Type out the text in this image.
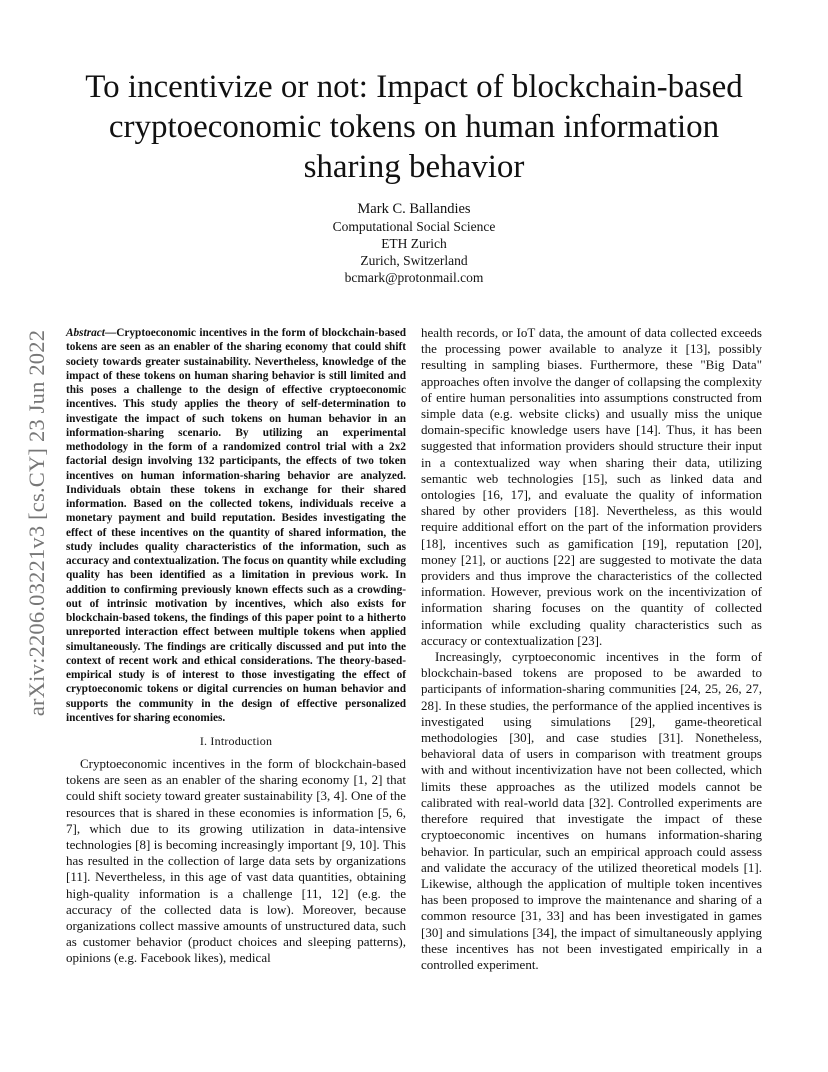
arXiv:2206.03221v3 [cs.CY] 23 Jun 2022
To incentivize or not: Impact of blockchain-based cryptoeconomic tokens on human information sharing behavior
Mark C. Ballandies
Computational Social Science
ETH Zurich
Zurich, Switzerland
bcmark@protonmail.com

Abstract—Cryptoeconomic incentives in the form of blockchain-based tokens are seen as an enabler of the sharing economy that could shift society towards greater sustainability. Nevertheless, knowledge of the impact of these tokens on human sharing behavior is still limited and this poses a challenge to the design of effective cryptoeconomic incentives. This study applies the theory of self-determination to investigate the impact of such tokens on human behavior in an information-sharing scenario. By utilizing an experimental methodology in the form of a randomized control trial with a 2x2 factorial design involving 132 participants, the effects of two token incentives on human information-sharing behavior are analyzed. Individuals obtain these tokens in exchange for their shared information. Based on the collected tokens, individuals receive a monetary payment and build reputation. Besides investigating the effect of these incentives on the quantity of shared information, the study includes quality characteristics of the information, such as accuracy and contextualization. The focus on quantity while excluding quality has been identified as a limitation in previous work. In addition to confirming previously known effects such as a crowding-out of intrinsic motivation by incentives, which also exists for blockchain-based tokens, the findings of this paper point to a hitherto unreported interaction effect between multiple tokens when applied simultaneously. The findings are critically discussed and put into the context of recent work and ethical considerations. The theory-based-empirical study is of interest to those investigating the effect of cryptoeconomic tokens or digital currencies on human behavior and supports the community in the design of effective personalized incentives for sharing economies.

I. Introduction

Cryptoeconomic incentives in the form of blockchain-based tokens are seen as an enabler of the sharing economy [1, 2] that could shift society toward greater sustainability [3, 4]. One of the resources that is shared in these economies is information [5, 6, 7], which due to its growing utilization in data-intensive technologies [8] is becoming increasingly important [9, 10]. This has resulted in the collection of large data sets by organizations [11]. Nevertheless, in this age of vast data quantities, obtaining high-quality information is a challenge [11, 12] (e.g. the accuracy of the collected data is low). Moreover, because organizations collect massive amounts of unstructured data, such as customer behavior (product choices and sleeping patterns), opinions (e.g. Facebook likes), medical

health records, or IoT data, the amount of data collected exceeds the processing power available to analyze it [13], possibly resulting in sampling biases. Furthermore, these "Big Data" approaches often involve the danger of collapsing the complexity of entire human personalities into assumptions constructed from simple data (e.g. website clicks) and usually miss the unique domain-specific knowledge users have [14]. Thus, it has been suggested that information providers should structure their input in a contextualized way when sharing their data, utilizing semantic web technologies [15], such as linked data and ontologies [16, 17], and evaluate the quality of information shared by other providers [18]. Nevertheless, as this would require additional effort on the part of the information providers [18], incentives such as gamification [19], reputation [20], money [21], or auctions [22] are suggested to motivate the data providers and thus improve the characteristics of the collected information. However, previous work on the incentivization of information sharing focuses on the quantity of collected information while excluding quality characteristics such as accuracy or contextualization [23].

Increasingly, cyrptoeconomic incentives in the form of blockchain-based tokens are proposed to be awarded to participants of information-sharing communities [24, 25, 26, 27, 28]. In these studies, the performance of the applied incentives is investigated using simulations [29], game-theoretical methodologies [30], and case studies [31]. Nonetheless, behavioral data of users in comparison with treatment groups with and without incentivization have not been collected, which limits these approaches as the utilized models cannot be calibrated with real-world data [32]. Controlled experiments are therefore required that investigate the impact of these cryptoeconomic incentives on humans information-sharing behavior. In particular, such an empirical approach could assess and validate the accuracy of the utilized theoretical models [1]. Likewise, although the application of multiple token incentives has been proposed to improve the maintenance and sharing of a common resource [31, 33] and has been investigated in games [30] and simulations [34], the impact of simultaneously applying these incentives has not been investigated empirically in a controlled experiment.
